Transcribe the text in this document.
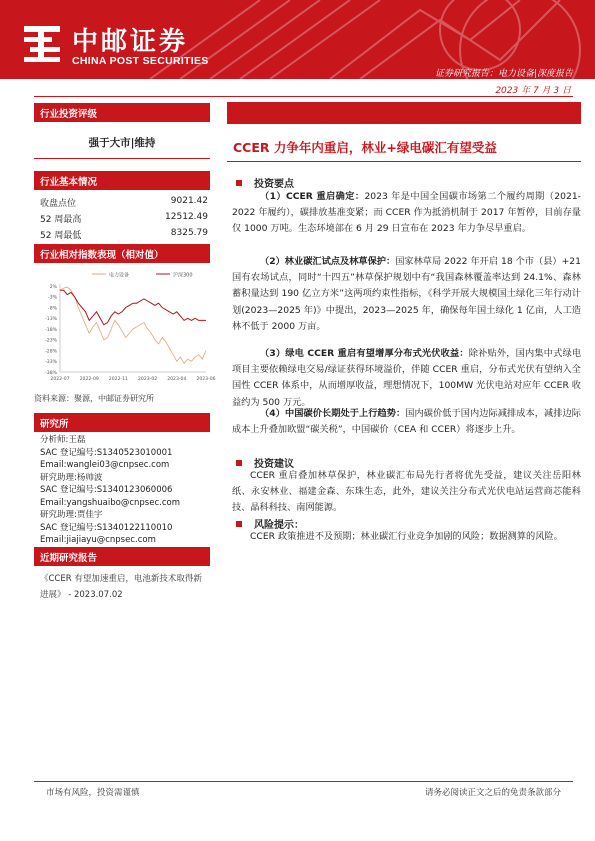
中邮证券
CHINA POST SECURITIES
证券研究报告：电力设备|深度报告
2023 年 7 月 3 日
行业投资评级
强于大市|维持
行业基本情况
收盘点位	9021.42
52 周最高	12512.49
52 周最低	8325.79
行业相对指数表现（相对值）
电力设备	沪深300
2%
-3%
-8%
-13%
-18%
-23%
-28%
-33%
-38%
2022-07 2022-09 2022-11 2023-02 2023-04 2023-06
资料来源：聚源，中邮证券研究所
研究所
分析师:王磊
SAC 登记编号:S1340523010001
Email:wanglei03@cnpsec.com
研究助理:杨帅波
SAC 登记编号:S1340123060006
Email:yangshuaibo@cnpsec.com
研究助理:贾佳宇
SAC 登记编号:S1340122110010
Email:jiajiayu@cnpsec.com
近期研究报告
《CCER 有望加速重启，电池新技术取得新进展》 - 2023.07.02
CCER 力争年内重启，林业+绿电碳汇有望受益
投资要点
（1）CCER 重启确定：2023 年是中国全国碳市场第二个履约周期（2021-2022 年履约），碳排放基准变紧；而 CCER 作为抵消机制于 2017 年暂停，目前存量仅 1000 万吨。生态环境部在 6 月 29 日宣布在 2023 年力争尽早重启。
（2）林业碳汇试点及林草保护：国家林草局 2022 年开启 18 个市（县）+21 国有农场试点，同时“十四五”林草保护规划中有“我国森林覆盖率达到 24.1%、森林蓄积量达到 190 亿立方米”这两项约束性指标，《科学开展大规模国土绿化三年行动计划(2023—2025 年)》中提出，2023—2025 年，确保每年国土绿化 1 亿亩，人工造林不低于 2000 万亩。
（3）绿电 CCER 重启有望增厚分布式光伏收益：除补贴外，国内集中式绿电项目主要依赖绿电交易/绿证获得环境溢价，伴随 CCER 重启，分布式光伏有望纳入全国性 CCER 体系中，从而增厚收益，理想情况下，100MW 光伏电站对应年 CCER 收益约为 500 万元。
（4）中国碳价长期处于上行趋势：国内碳价低于国内边际减排成本，减排边际成本上升叠加欧盟“碳关税”，中国碳价（CEA 和 CCER）将逐步上升。
投资建议
CCER 重启叠加林草保护，林业碳汇布局先行者将优先受益，建议关注岳阳林纸、永安林业、福建金森、东珠生态，此外，建议关注分布式光伏电站运营商芯能科技、晶科科技、南网能源。
风险提示：
CCER 政策推进不及预期；林业碳汇行业竞争加剧的风险；数据测算的风险。
市场有风险，投资需谨慎	请务必阅读正文之后的免责条款部分
